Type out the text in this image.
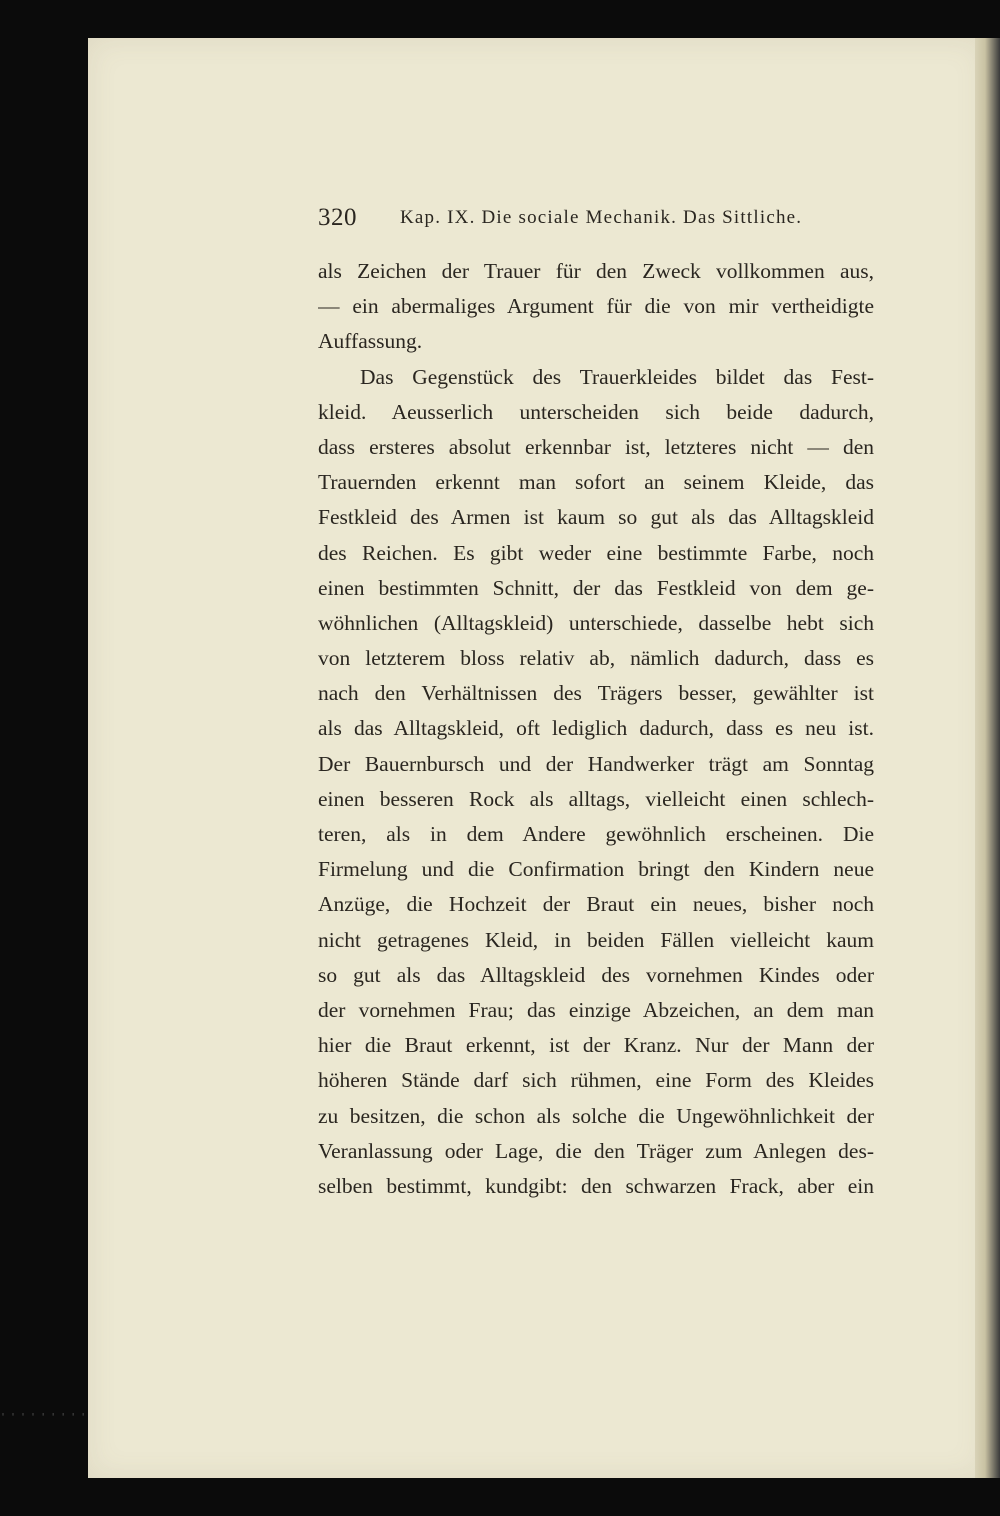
320 Kap. IX. Die sociale Mechanik. Das Sittliche.
als Zeichen der Trauer für den Zweck vollkommen aus,
— ein abermaliges Argument für die von mir vertheidigte
Auffassung.
Das Gegenstück des Trauerkleides bildet das Fest-
kleid. Aeusserlich unterscheiden sich beide dadurch,
dass ersteres absolut erkennbar ist, letzteres nicht — den
Trauernden erkennt man sofort an seinem Kleide, das
Festkleid des Armen ist kaum so gut als das Alltagskleid
des Reichen. Es gibt weder eine bestimmte Farbe, noch
einen bestimmten Schnitt, der das Festkleid von dem ge-
wöhnlichen (Alltagskleid) unterschiede, dasselbe hebt sich
von letzterem bloss relativ ab, nämlich dadurch, dass es
nach den Verhältnissen des Trägers besser, gewählter ist
als das Alltagskleid, oft lediglich dadurch, dass es neu ist.
Der Bauernbursch und der Handwerker trägt am Sonntag
einen besseren Rock als alltags, vielleicht einen schlech-
teren, als in dem Andere gewöhnlich erscheinen. Die
Firmelung und die Confirmation bringt den Kindern neue
Anzüge, die Hochzeit der Braut ein neues, bisher noch
nicht getragenes Kleid, in beiden Fällen vielleicht kaum
so gut als das Alltagskleid des vornehmen Kindes oder
der vornehmen Frau; das einzige Abzeichen, an dem man
hier die Braut erkennt, ist der Kranz. Nur der Mann der
höheren Stände darf sich rühmen, eine Form des Kleides
zu besitzen, die schon als solche die Ungewöhnlichkeit der
Veranlassung oder Lage, die den Träger zum Anlegen des-
selben bestimmt, kundgibt: den schwarzen Frack, aber ein
'''''''''
